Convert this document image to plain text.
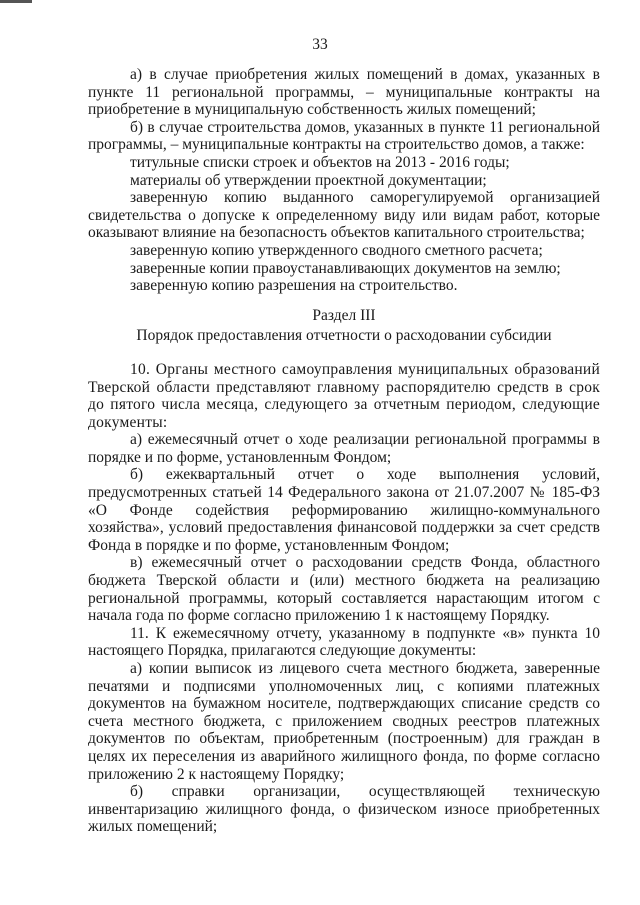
33

а) в случае приобретения жилых помещений в домах, указанных в пункте 11 региональной программы, – муниципальные контракты на приобретение в муниципальную собственность жилых помещений;

б) в случае строительства домов, указанных в пункте 11 региональной программы, – муниципальные контракты на строительство домов, а также:

титульные списки строек и объектов на 2013 - 2016 годы;

материалы об утверждении проектной документации;

заверенную копию выданного саморегулируемой организацией свидетельства о допуске к определенному виду или видам работ, которые оказывают влияние на безопасность объектов капитального строительства;

заверенную копию утвержденного сводного сметного расчета;

заверенные копии правоустанавливающих документов на землю;

заверенную копию разрешения на строительство.

Раздел III

Порядок предоставления отчетности о расходовании субсидии

10. Органы местного самоуправления муниципальных образований Тверской области представляют главному распорядителю средств в срок до пятого числа месяца, следующего за отчетным периодом, следующие документы:

а) ежемесячный отчет о ходе реализации региональной программы в порядке и по форме, установленным Фондом;

б) ежеквартальный отчет о ходе выполнения условий, предусмотренных статьей 14 Федерального закона от 21.07.2007 № 185-ФЗ «О Фонде содействия реформированию жилищно-коммунального хозяйства», условий предоставления финансовой поддержки за счет средств Фонда в порядке и по форме, установленным Фондом;

в) ежемесячный отчет о расходовании средств Фонда, областного бюджета Тверской области и (или) местного бюджета на реализацию региональной программы, который составляется нарастающим итогом с начала года по форме согласно приложению 1 к настоящему Порядку.

11. К ежемесячному отчету, указанному в подпункте «в» пункта 10 настоящего Порядка, прилагаются следующие документы:

а) копии выписок из лицевого счета местного бюджета, заверенные печатями и подписями уполномоченных лиц, с копиями платежных документов на бумажном носителе, подтверждающих списание средств со счета местного бюджета, с приложением сводных реестров платежных документов по объектам, приобретенным (построенным) для граждан в целях их переселения из аварийного жилищного фонда, по форме согласно приложению 2 к настоящему Порядку;

б) справки организации, осуществляющей техническую инвентаризацию жилищного фонда, о физическом износе приобретенных жилых помещений;
